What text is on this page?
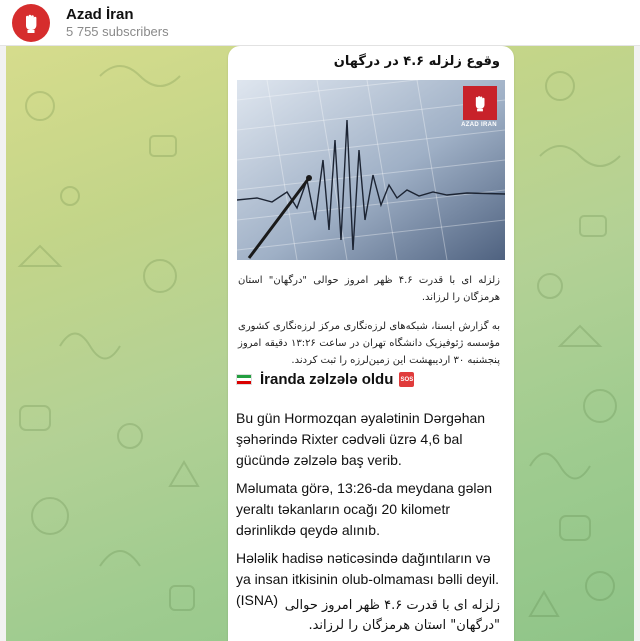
Azad İran
5 755 subscribers
وقوع زلزله ۴.۶ در درگهان
AZAD IRAN
زلزله ای با قدرت ۴.۶ ظهر امروز حوالی "درگهان" استان هرمزگان را لرزاند.
به گزارش ایسنا، شبکه‌های لرزه‌نگاری مرکز لرزه‌نگاری کشوری مؤسسه ژئوفیزیک دانشگاه تهران در ساعت ۱۳:۲۶ دقیقه امروز پنجشنبه ۳۰ اردیبهشت این زمین‌لرزه را ثبت کردند.
İranda zəlzələ oldu SOS
Bu gün Hormozqan əyalətinin Dərgəhan şəhərində Rixter cədvəli üzrə 4,6 bal gücündə zəlzələ baş verib.
Məlumata görə, 13:26-da meydana gələn yeraltı təkanların ocağı 20 kilometr dərinlikdə qeydə alınıb.
Hələlik hadisə nəticəsində dağıntıların və ya insan itkisinin olub-olmaması bəlli deyil. (ISNA) زلزله ای با قدرت ۴.۶ ظهر امروز حوالی "درگهان" استان هرمزگان را لرزاند.
